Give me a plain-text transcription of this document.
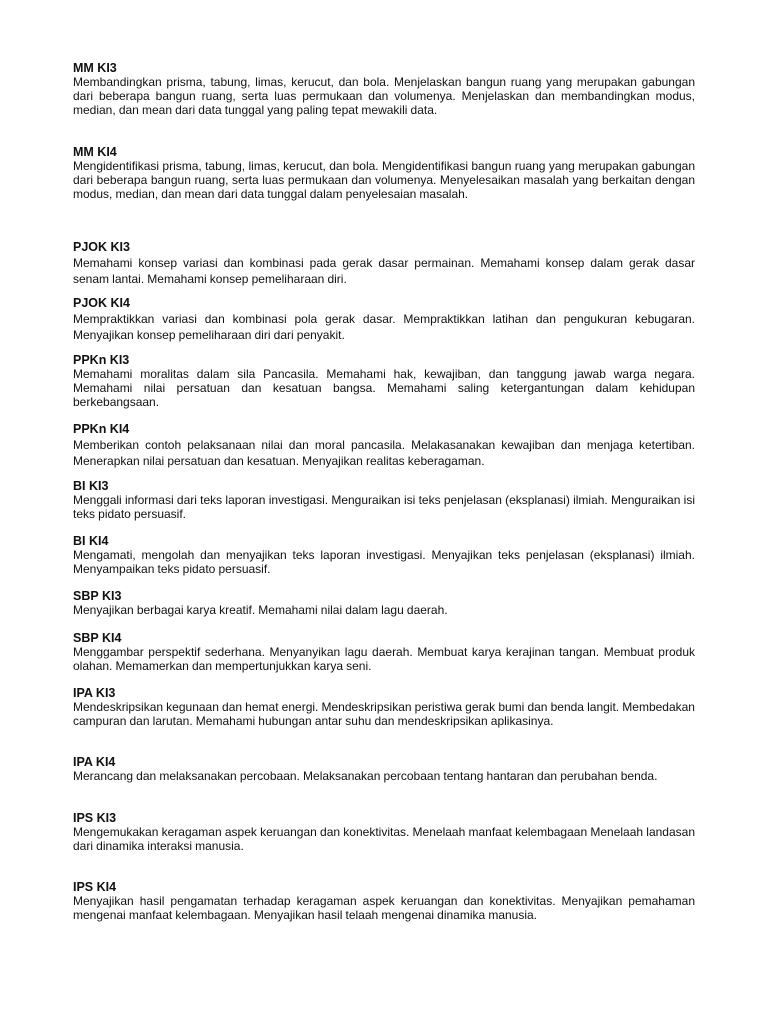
MM KI3

Membandingkan prisma, tabung, limas, kerucut, dan bola. Menjelaskan bangun ruang yang merupakan gabungan dari beberapa bangun ruang, serta luas permukaan dan volumenya. Menjelaskan dan membandingkan modus, median, dan mean dari data tunggal yang paling tepat mewakili data.

MM KI4

Mengidentifikasi prisma, tabung, limas, kerucut, dan bola. Mengidentifikasi bangun ruang yang merupakan gabungan dari beberapa bangun ruang, serta luas permukaan dan volumenya. Menyelesaikan masalah yang berkaitan dengan modus, median, dan mean dari data tunggal dalam penyelesaian masalah.

PJOK KI3

Memahami konsep variasi dan kombinasi pada gerak dasar permainan. Memahami konsep dalam gerak dasar senam lantai. Memahami konsep pemeliharaan diri.

PJOK KI4

Mempraktikkan variasi dan kombinasi pola gerak dasar. Mempraktikkan latihan dan pengukuran kebugaran. Menyajikan konsep pemeliharaan diri dari penyakit.

PPKn KI3

Memahami moralitas dalam sila Pancasila. Memahami hak, kewajiban, dan tanggung jawab warga negara. Memahami nilai persatuan dan kesatuan bangsa. Memahami saling ketergantungan dalam kehidupan berkebangsaan.

PPKn KI4

Memberikan contoh pelaksanaan nilai dan moral pancasila. Melakasanakan kewajiban dan menjaga ketertiban. Menerapkan nilai persatuan dan kesatuan. Menyajikan realitas keberagaman.

BI KI3

Menggali informasi dari teks laporan investigasi. Menguraikan isi teks penjelasan (eksplanasi) ilmiah. Menguraikan isi teks pidato persuasif.

BI KI4

Mengamati, mengolah dan menyajikan teks laporan investigasi. Menyajikan teks penjelasan (eksplanasi) ilmiah. Menyampaikan teks pidato persuasif.

SBP KI3

Menyajikan berbagai karya kreatif. Memahami nilai dalam lagu daerah.

SBP KI4

Menggambar perspektif sederhana. Menyanyikan lagu daerah. Membuat karya kerajinan tangan. Membuat produk olahan. Memamerkan dan mempertunjukkan karya seni.

IPA KI3

Mendeskripsikan kegunaan dan hemat energi. Mendeskripsikan peristiwa gerak bumi dan benda langit. Membedakan campuran dan larutan. Memahami hubungan antar suhu dan mendeskripsikan aplikasinya.

IPA KI4

Merancang dan melaksanakan percobaan. Melaksanakan percobaan tentang hantaran dan perubahan benda.

IPS KI3

Mengemukakan keragaman aspek keruangan dan konektivitas. Menelaah manfaat kelembagaan Menelaah landasan dari dinamika interaksi manusia.

IPS KI4

Menyajikan hasil pengamatan terhadap keragaman aspek keruangan dan konektivitas. Menyajikan pemahaman mengenai manfaat kelembagaan. Menyajikan hasil telaah mengenai dinamika manusia.
